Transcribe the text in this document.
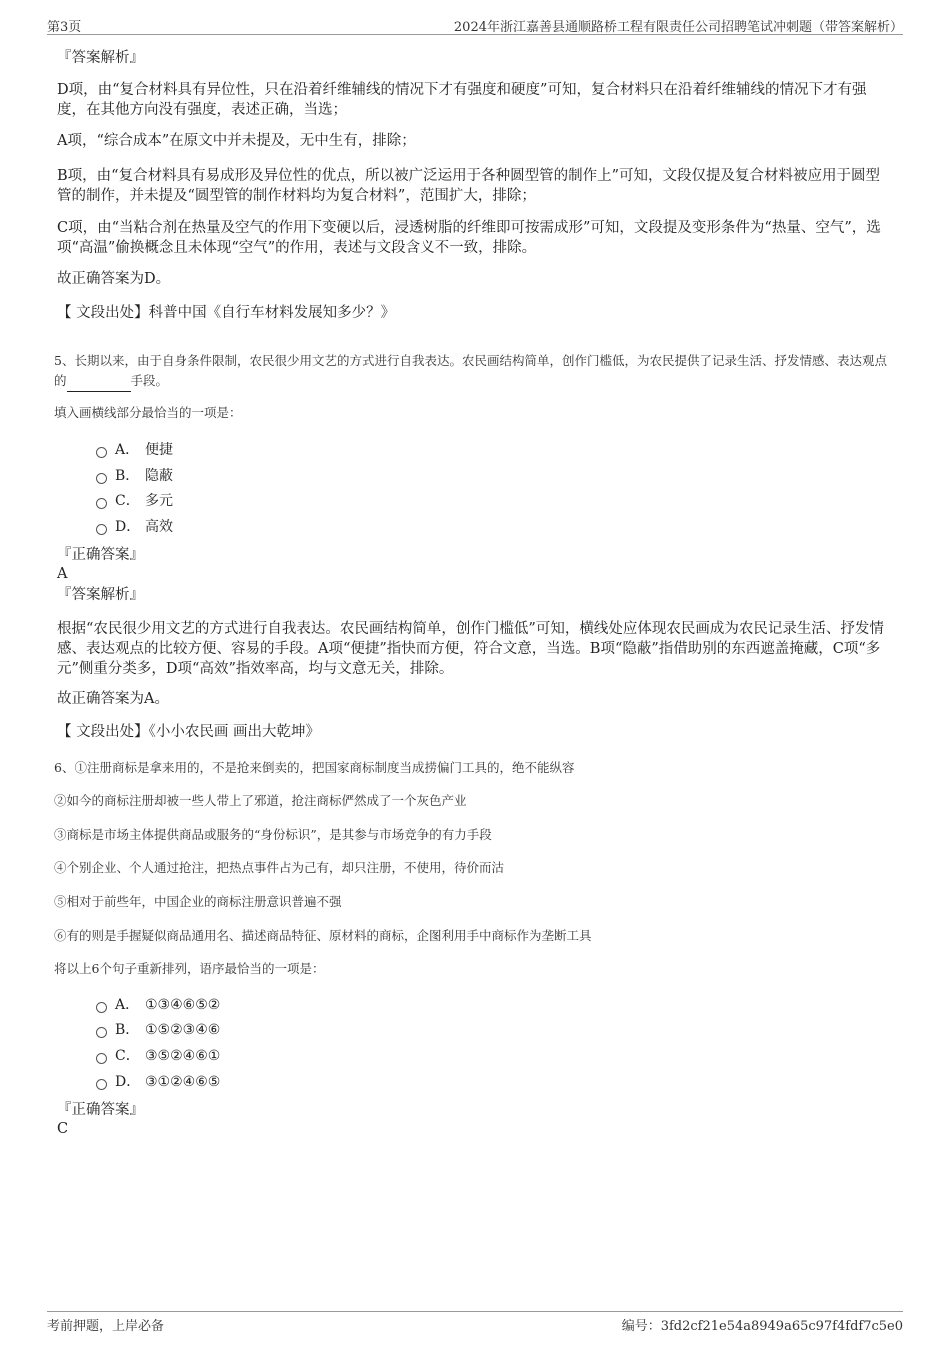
第3页	2024年浙江嘉善县通顺路桥工程有限责任公司招聘笔试冲刺题（带答案解析）
『答案解析』
D项，由“复合材料具有异位性，只在沿着纤维辅线的情况下才有强度和硬度”可知，复合材料只在沿着纤维辅线的情况下才有强度，在其他方向没有强度，表述正确，当选；
A项，“综合成本”在原文中并未提及，无中生有，排除；
B项，由“复合材料具有易成形及异位性的优点，所以被广泛运用于各种圆型管的制作上”可知，文段仅提及复合材料被应用于圆型管的制作，并未提及“圆型管的制作材料均为复合材料”，范围扩大，排除；
C项，由“当粘合剂在热量及空气的作用下变硬以后，浸透树脂的纤维即可按需成形”可知，文段提及变形条件为“热量、空气”，选项“高温”偷换概念且未体现“空气”的作用，表述与文段含义不一致，排除。
故正确答案为D。
【 文段出处】科普中国《自行车材料发展知多少？》
5、长期以来，由于自身条件限制，农民很少用文艺的方式进行自我表达。农民画结构简单，创作门槛低，为农民提供了记录生活、抒发情感、表达观点的	手段。
填入画横线部分最恰当的一项是：
A． 便捷
B． 隐蔽
C． 多元
D． 高效
『正确答案』
A
『答案解析』
根据“农民很少用文艺的方式进行自我表达。农民画结构简单，创作门槛低”可知，横线处应体现农民画成为农民记录生活、抒发情感、表达观点的比较方便、容易的手段。A项“便捷”指快而方便，符合文意，当选。B项“隐蔽”指借助别的东西遮盖掩藏，C项“多元”侧重分类多，D项“高效”指效率高，均与文意无关，排除。
故正确答案为A。
【 文段出处】《小小农民画 画出大乾坤》
6、①注册商标是拿来用的，不是抢来倒卖的，把国家商标制度当成捞偏门工具的，绝不能纵容
②如今的商标注册却被一些人带上了邪道，抢注商标俨然成了一个灰色产业
③商标是市场主体提供商品或服务的“身份标识”，是其参与市场竞争的有力手段
④个别企业、个人通过抢注，把热点事件占为己有，却只注册，不使用，待价而沽
⑤相对于前些年，中国企业的商标注册意识普遍不强
⑥有的则是手握疑似商品通用名、描述商品特征、原材料的商标，企图利用手中商标作为垄断工具
将以上6个句子重新排列，语序最恰当的一项是：
A． ①③④⑥⑤②
B． ①⑤②③④⑥
C． ③⑤②④⑥①
D． ③①②④⑥⑤
『正确答案』
C
考前押题，上岸必备	编号：3fd2cf21e54a8949a65c97f4fdf7c5e0
